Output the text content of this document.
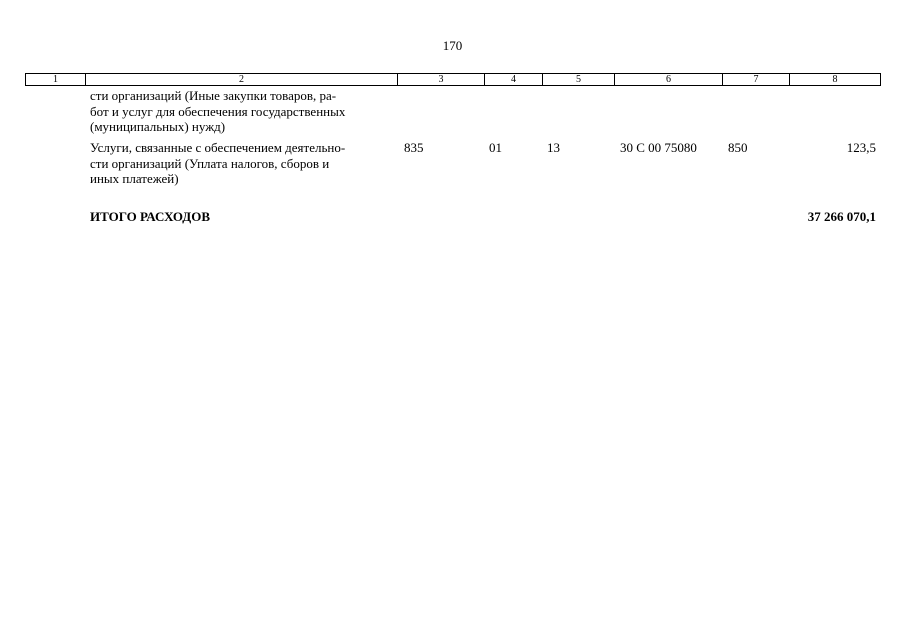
170
1	2	3	4	5	6	7	8
сти организаций (Иные закупки товаров, ра-
бот и услуг для обеспечения государственных
(муниципальных) нужд)
Услуги, связанные с обеспечением деятельно-
сти организаций (Уплата налогов, сборов и
иных платежей)
835	01	13	30 С 00 75080 850	123,5
ИТОГО РАСХОДОВ	37 266 070,1
